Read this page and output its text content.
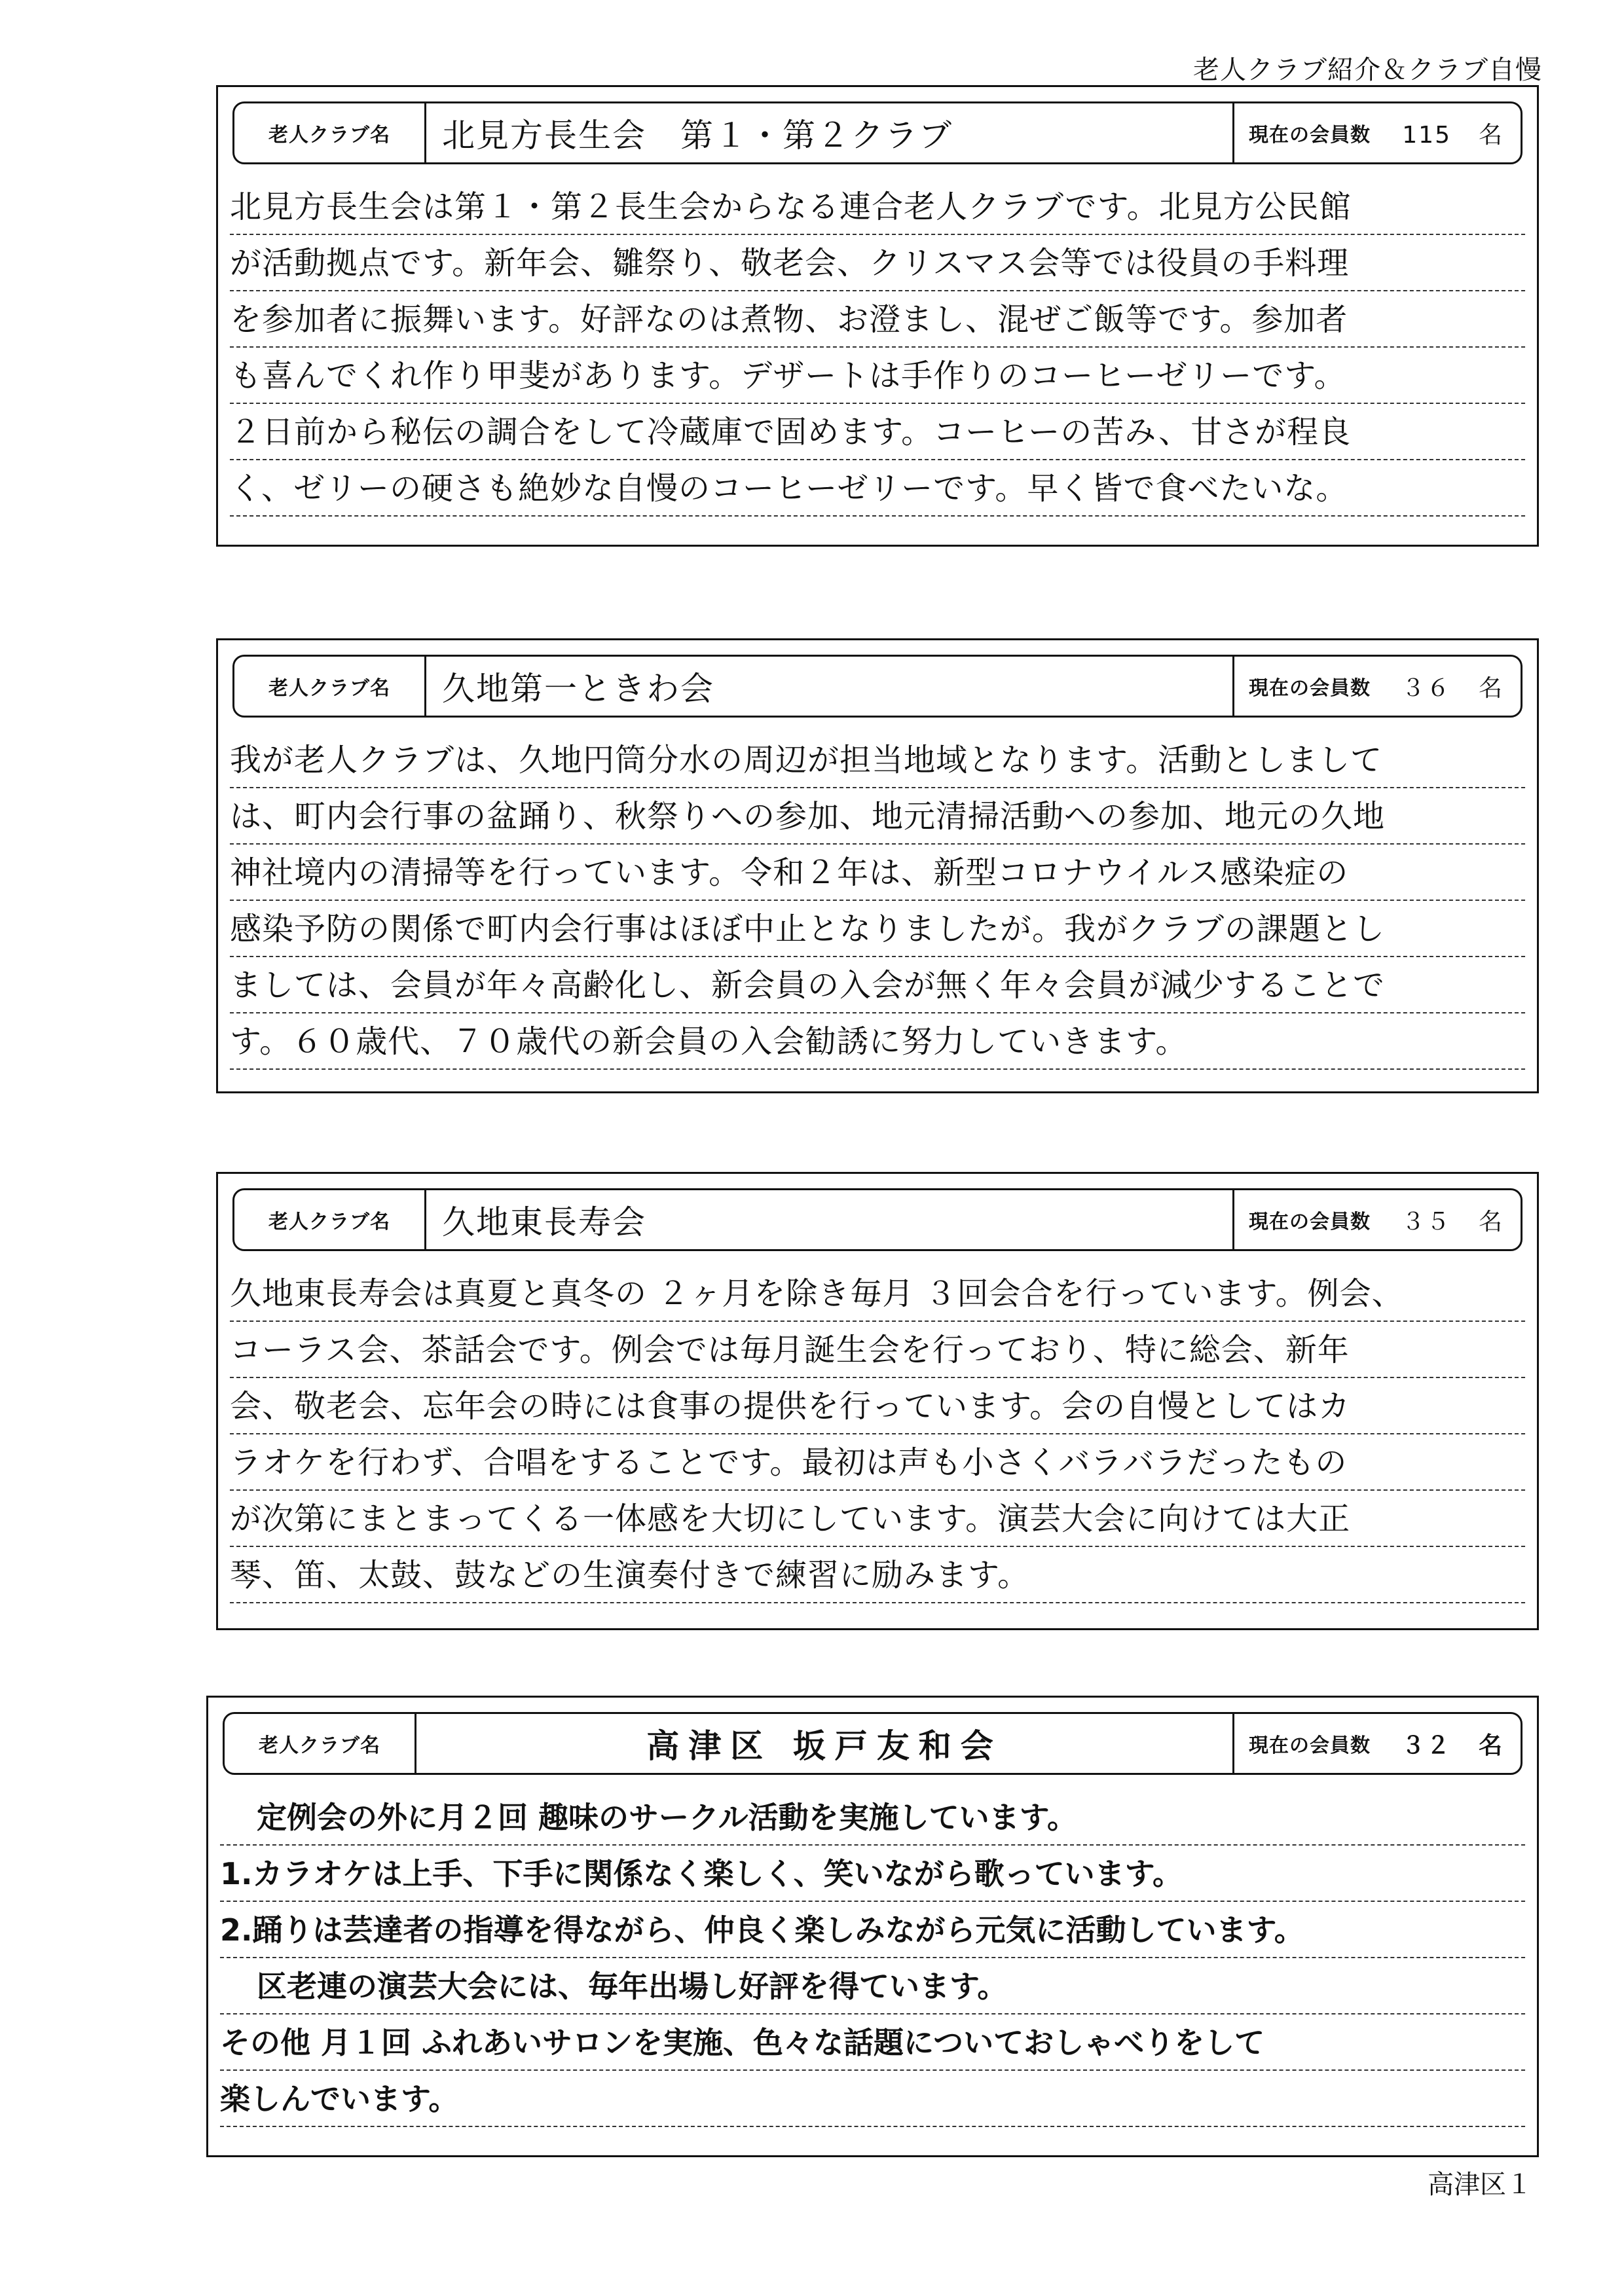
老人クラブ紹介＆クラブ自慢
老人クラブ名	北見方長生会　第１・第２クラブ	現在の会員数 115 名
北見方長生会は第１・第２長生会からなる連合老人クラブです。北見方公民館
が活動拠点です。新年会、雛祭り、敬老会、クリスマス会等では役員の手料理
を参加者に振舞います。好評なのは煮物、お澄まし、混ぜご飯等です。参加者
も喜んでくれ作り甲斐があります。デザートは手作りのコーヒーゼリーです。
２日前から秘伝の調合をして冷蔵庫で固めます。コーヒーの苦み、甘さが程良
く、ゼリーの硬さも絶妙な自慢のコーヒーゼリーです。早く皆で食べたいな。
老人クラブ名	久地第一ときわ会	現在の会員数 ３６ 名
我が老人クラブは、久地円筒分水の周辺が担当地域となります。活動としまして
は、町内会行事の盆踊り、秋祭りへの参加、地元清掃活動への参加、地元の久地
神社境内の清掃等を行っています。令和２年は、新型コロナウイルス感染症の
感染予防の関係で町内会行事はほぼ中止となりましたが。我がクラブの課題とし
ましては、会員が年々高齢化し、新会員の入会が無く年々会員が減少することで
す。６０歳代、７０歳代の新会員の入会勧誘に努力していきます。
老人クラブ名	久地東長寿会	現在の会員数 ３５ 名
久地東長寿会は真夏と真冬の ２ヶ月を除き毎月 ３回会合を行っています。例会、
コーラス会、茶話会です。例会では毎月誕生会を行っており、特に総会、新年
会、敬老会、忘年会の時には食事の提供を行っています。会の自慢としてはカ
ラオケを行わず、合唱をすることです。最初は声も小さくバラバラだったもの
が次第にまとまってくる一体感を大切にしています。演芸大会に向けては大正
琴、笛、太鼓、鼓などの生演奏付きで練習に励みます。
老人クラブ名	高津区 坂戸友和会	現在の会員数 ３２ 名
定例会の外に月２回 趣味のサークル活動を実施しています。
1.カラオケは上手、下手に関係なく楽しく、笑いながら歌っています。
2.踊りは芸達者の指導を得ながら、仲良く楽しみながら元気に活動しています。
区老連の演芸大会には、毎年出場し好評を得ています。
その他 月１回 ふれあいサロンを実施、色々な話題についておしゃべりをして
楽しんでいます。
高津区１
